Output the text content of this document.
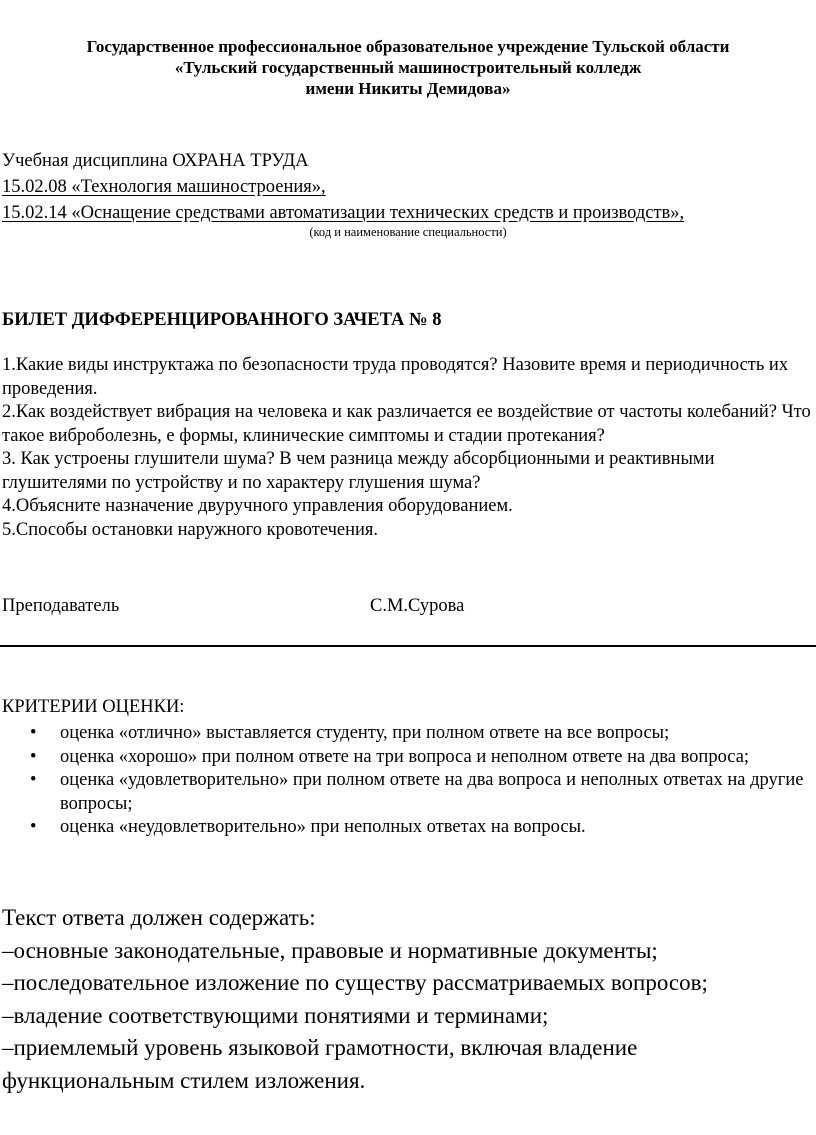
Государственное профессиональное образовательное учреждение Тульской области
«Тульский государственный машиностроительный колледж
имени Никиты Демидова»
Учебная дисциплина ОХРАНА ТРУДА
15.02.08 «Технология машиностроения»,
15.02.14 «Оснащение средствами автоматизации технических средств и производств»,
(код и наименование специальности)
БИЛЕТ ДИФФЕРЕНЦИРОВАННОГО ЗАЧЕТА № 8
1.Какие виды инструктажа по безопасности труда проводятся? Назовите время и периодичность их проведения.
2.Как воздействует вибрация на человека и как различается ее воздействие от частоты колебаний? Что такое виброболезнь, е формы, клинические симптомы и стадии протекания?
3. Как устроены глушители шума? В чем разница между абсорбционными и реактивными глушителями по устройству и по характеру глушения шума?
4.Объясните назначение двуручного управления оборудованием.
5.Способы остановки наружного кровотечения.
Преподаватель	С.М.Сурова
КРИТЕРИИ ОЦЕНКИ:
• оценка «отлично» выставляется студенту, при полном ответе на все вопросы;
• оценка «хорошо» при полном ответе на три вопроса и неполном ответе на два вопроса;
• оценка «удовлетворительно» при полном ответе на два вопроса и неполных ответах на другие вопросы;
• оценка «неудовлетворительно» при неполных ответах на вопросы.
Текст ответа должен содержать:
–основные законодательные, правовые и нормативные документы;
–последовательное изложение по существу рассматриваемых вопросов;
–владение соответствующими понятиями и терминами;
–приемлемый уровень языковой грамотности, включая владение
функциональным стилем изложения.
